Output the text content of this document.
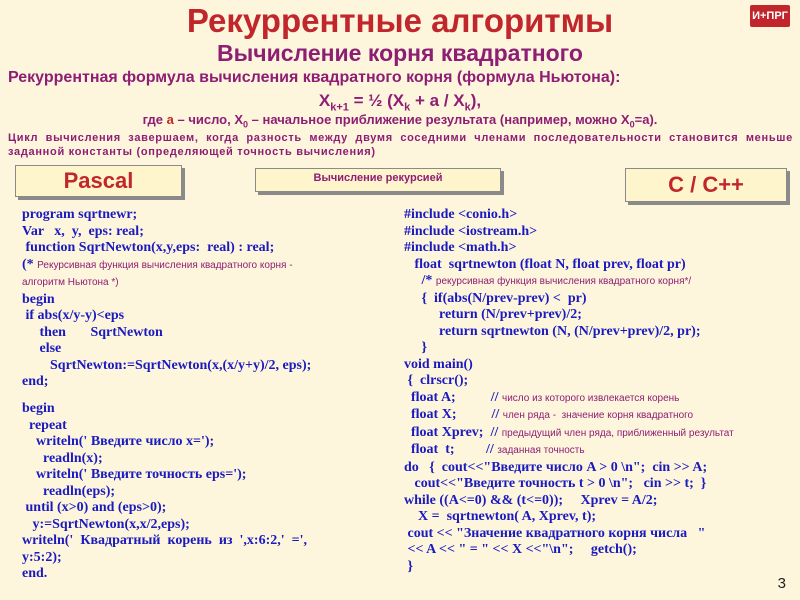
И+ПРГ
Рекуррентные алгоритмы
Вычисление корня квадратного
Рекуррентная формула вычисления квадратного корня (формула Ньютона):
$X_{k+1}$ = ½ $(X_k + a / X_k)$,
где a – число, $X_0$ – начальное приближение результата (например, можно $X_0=a$).
Цикл вычисления завершаем, когда разность между двумя соседними членами последовательности становится меньше заданной константы (определяющей точность вычисления)
Pascal	Вычисление рекурсией	С / С++
program sqrtnewr;
Var   x,  y,  eps: real;
function SqrtNewton(x,y,eps:  real) : real;
(* Рекурсивная функция вычисления квадратного корня -
алгоритм Ньютона *)
begin
if abs(x/y-y)<eps
then       SqrtNewton
else
SqrtNewton:=SqrtNewton(x,(x/y+y)/2, eps);
end;
begin
repeat
writeln(' Введите число x=');
readln(x);
writeln(' Введите точность eps=');
readln(eps);
until (x>0) and (eps>0);
y:=SqrtNewton(x,x/2,eps);
writeln('  Квадратный  корень  из  ',x:6:2,'  =',
y:5:2);
end.
#include <conio.h>
#include <iostream.h>
#include <math.h>
float  sqrtnewton (float N, float prev, float pr)
/* рекурсивная функция вычисления квадратного корня*/
{  if(abs(N/prev-prev) <  pr)
return (N/prev+prev)/2;
return sqrtnewton (N, (N/prev+prev)/2, pr);
}
void main()
{  clrscr();
float A;          // число из которого извлекается корень
float X;          // член ряда -  значение корня квадратного
float Xprev;  // предыдущий член ряда, приближенный результат
float  t;         // заданная точность
do   {  cout<<"Введите число A > 0 \n";  cin >> A;
cout<<"Введите точность t > 0 \n";   cin >> t;  }
while ((A<=0) && (t<=0));     Xprev = A/2;
X =  sqrtnewton( A, Xprev, t);
cout << "Значение квадратного корня числа   "
<< A << " = " << X <<"\n";     getch();
}
3
